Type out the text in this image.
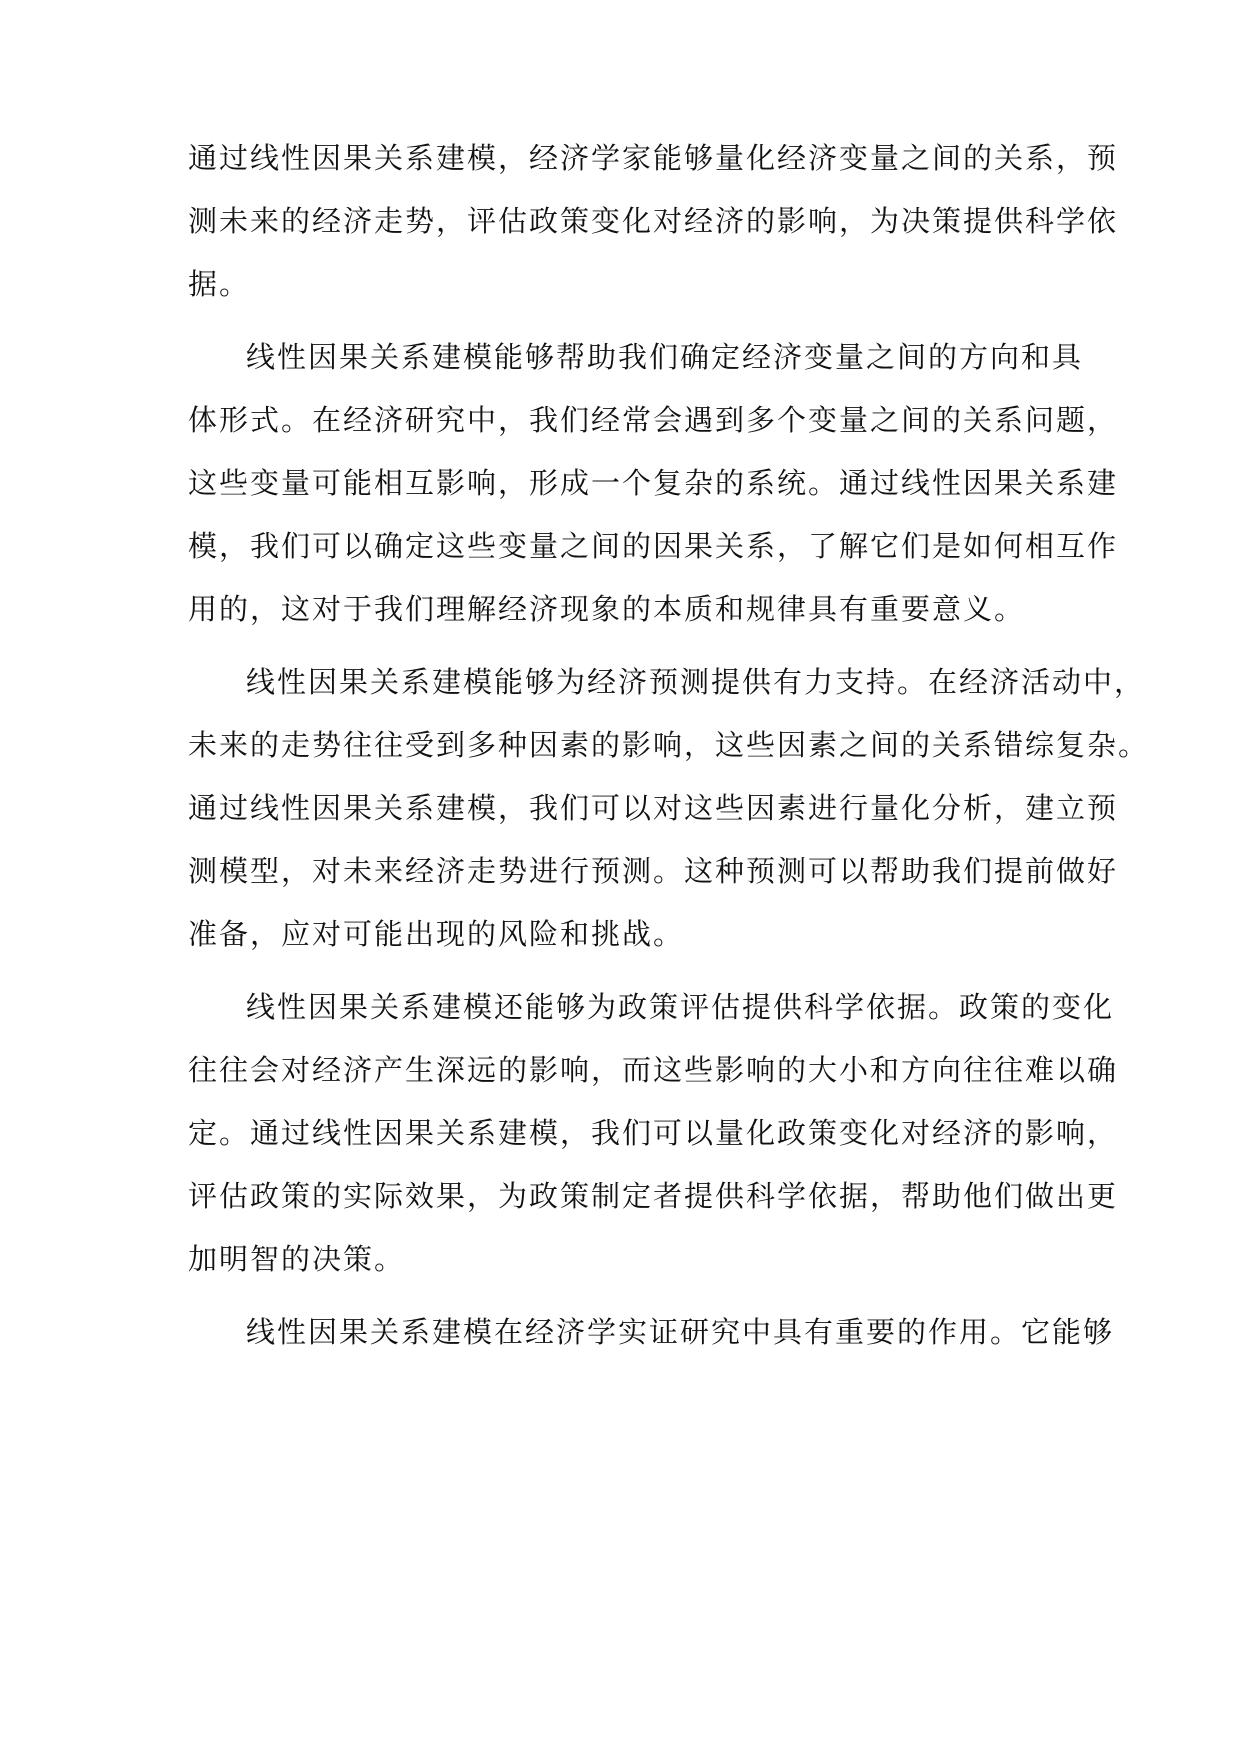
通过线性因果关系建模，经济学家能够量化经济变量之间的关系，预
测未来的经济走势，评估政策变化对经济的影响，为决策提供科学依
据。
线性因果关系建模能够帮助我们确定经济变量之间的方向和具
体形式。在经济研究中，我们经常会遇到多个变量之间的关系问题，
这些变量可能相互影响，形成一个复杂的系统。通过线性因果关系建
模，我们可以确定这些变量之间的因果关系，了解它们是如何相互作
用的，这对于我们理解经济现象的本质和规律具有重要意义。
线性因果关系建模能够为经济预测提供有力支持。在经济活动中，
未来的走势往往受到多种因素的影响，这些因素之间的关系错综复杂。
通过线性因果关系建模，我们可以对这些因素进行量化分析，建立预
测模型，对未来经济走势进行预测。这种预测可以帮助我们提前做好
准备，应对可能出现的风险和挑战。
线性因果关系建模还能够为政策评估提供科学依据。政策的变化
往往会对经济产生深远的影响，而这些影响的大小和方向往往难以确
定。通过线性因果关系建模，我们可以量化政策变化对经济的影响，
评估政策的实际效果，为政策制定者提供科学依据，帮助他们做出更
加明智的决策。
线性因果关系建模在经济学实证研究中具有重要的作用。它能够
